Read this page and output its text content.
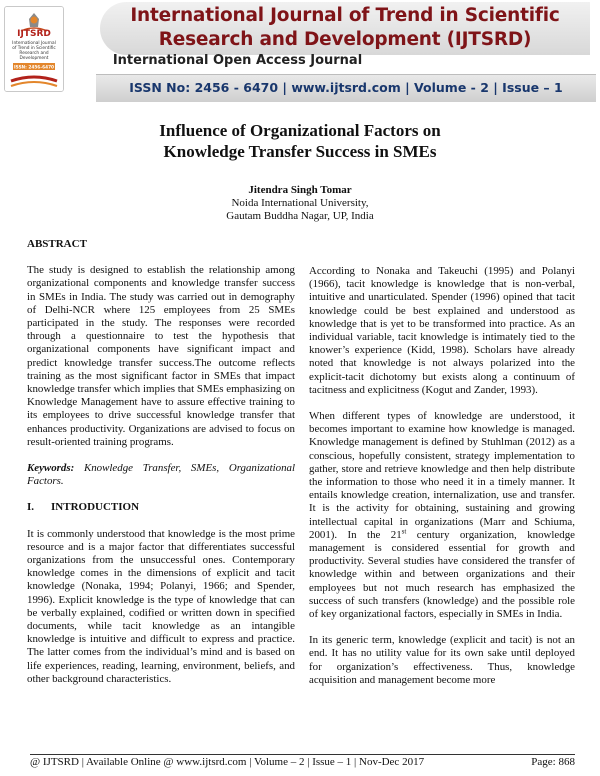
IJTSRD
International Journal
of Trend in Scientific
Research and
Development
ISSN: 2456-6470
International Journal of Trend in Scientific
Research and Development (IJTSRD)
International Open Access Journal
ISSN No: 2456 - 6470 | www.ijtsrd.com | Volume - 2 | Issue – 1
Influence of Organizational Factors on
Knowledge Transfer Success in SMEs
Jitendra Singh Tomar
Noida International University,
Gautam Buddha Nagar, UP, India

ABSTRACT

The study is designed to establish the relationship among organizational components and knowledge transfer success in SMEs in India. The study was carried out in demography of Delhi-NCR where 125 employees from 25 SMEs participated in the study. The responses were recorded through a questionnaire to test the hypothesis that organizational components have significant impact and predict knowledge transfer success.The outcome reflects training as the most significant factor in SMEs that impact knowledge transfer which implies that SMEs emphasizing on Knowledge Management have to assure effective training to its employees to drive successful knowledge transfer that enhances productivity. Organizations are advised to focus on result-oriented training programs.

Keywords: Knowledge Transfer, SMEs, Organizational Factors.

I. INTRODUCTION

It is commonly understood that knowledge is the most prime resource and is a major factor that differentiates successful organizations from the unsuccessful ones. Contemporary knowledge comes in the dimensions of explicit and tacit knowledge (Nonaka, 1994; Polanyi, 1966; and Spender, 1996). Explicit knowledge is the type of knowledge that can be verbally explained, codified or written down in specified documents, while tacit knowledge as an intangible knowledge is intuitive and difficult to express and practice. The latter comes from the individual’s mind and is based on life experiences, reading, learning, environment, beliefs, and other background characteristics.

According to Nonaka and Takeuchi (1995) and Polanyi (1966), tacit knowledge is knowledge that is non-verbal, intuitive and unarticulated. Spender (1996) opined that tacit knowledge could be best explained and understood as knowledge that is yet to be transformed into practice. As an individual variable, tacit knowledge is intimately tied to the knower’s experience (Kidd, 1998). Scholars have already noted that knowledge is not always polarized into the explicit-tacit dichotomy but exists along a continuum of tacitness and explicitness (Kogut and Zander, 1993).

When different types of knowledge are understood, it becomes important to examine how knowledge is managed. Knowledge management is defined by Stuhlman (2012) as a conscious, hopefully consistent, strategy implementation to gather, store and retrieve knowledge and then help distribute the information to those who need it in a timely manner. It entails knowledge creation, internalization, use and transfer. It is the activity for obtaining, sustaining and growing intellectual capital in organizations (Marr and Schiuma, 2001). In the 21st century organization, knowledge management is considered essential for growth and productivity. Several studies have considered the transfer of knowledge within and between organizations and their employees but not much research has emphasized the success of such transfers (knowledge) and the possible role of key organizational factors, especially in SMEs in India.

In its generic term, knowledge (explicit and tacit) is not an end. It has no utility value for its own sake until deployed for organization’s effectiveness. Thus, knowledge acquisition and management become more

@ IJTSRD | Available Online @ www.ijtsrd.com | Volume – 2 | Issue – 1 | Nov-Dec 2017	Page: 868
